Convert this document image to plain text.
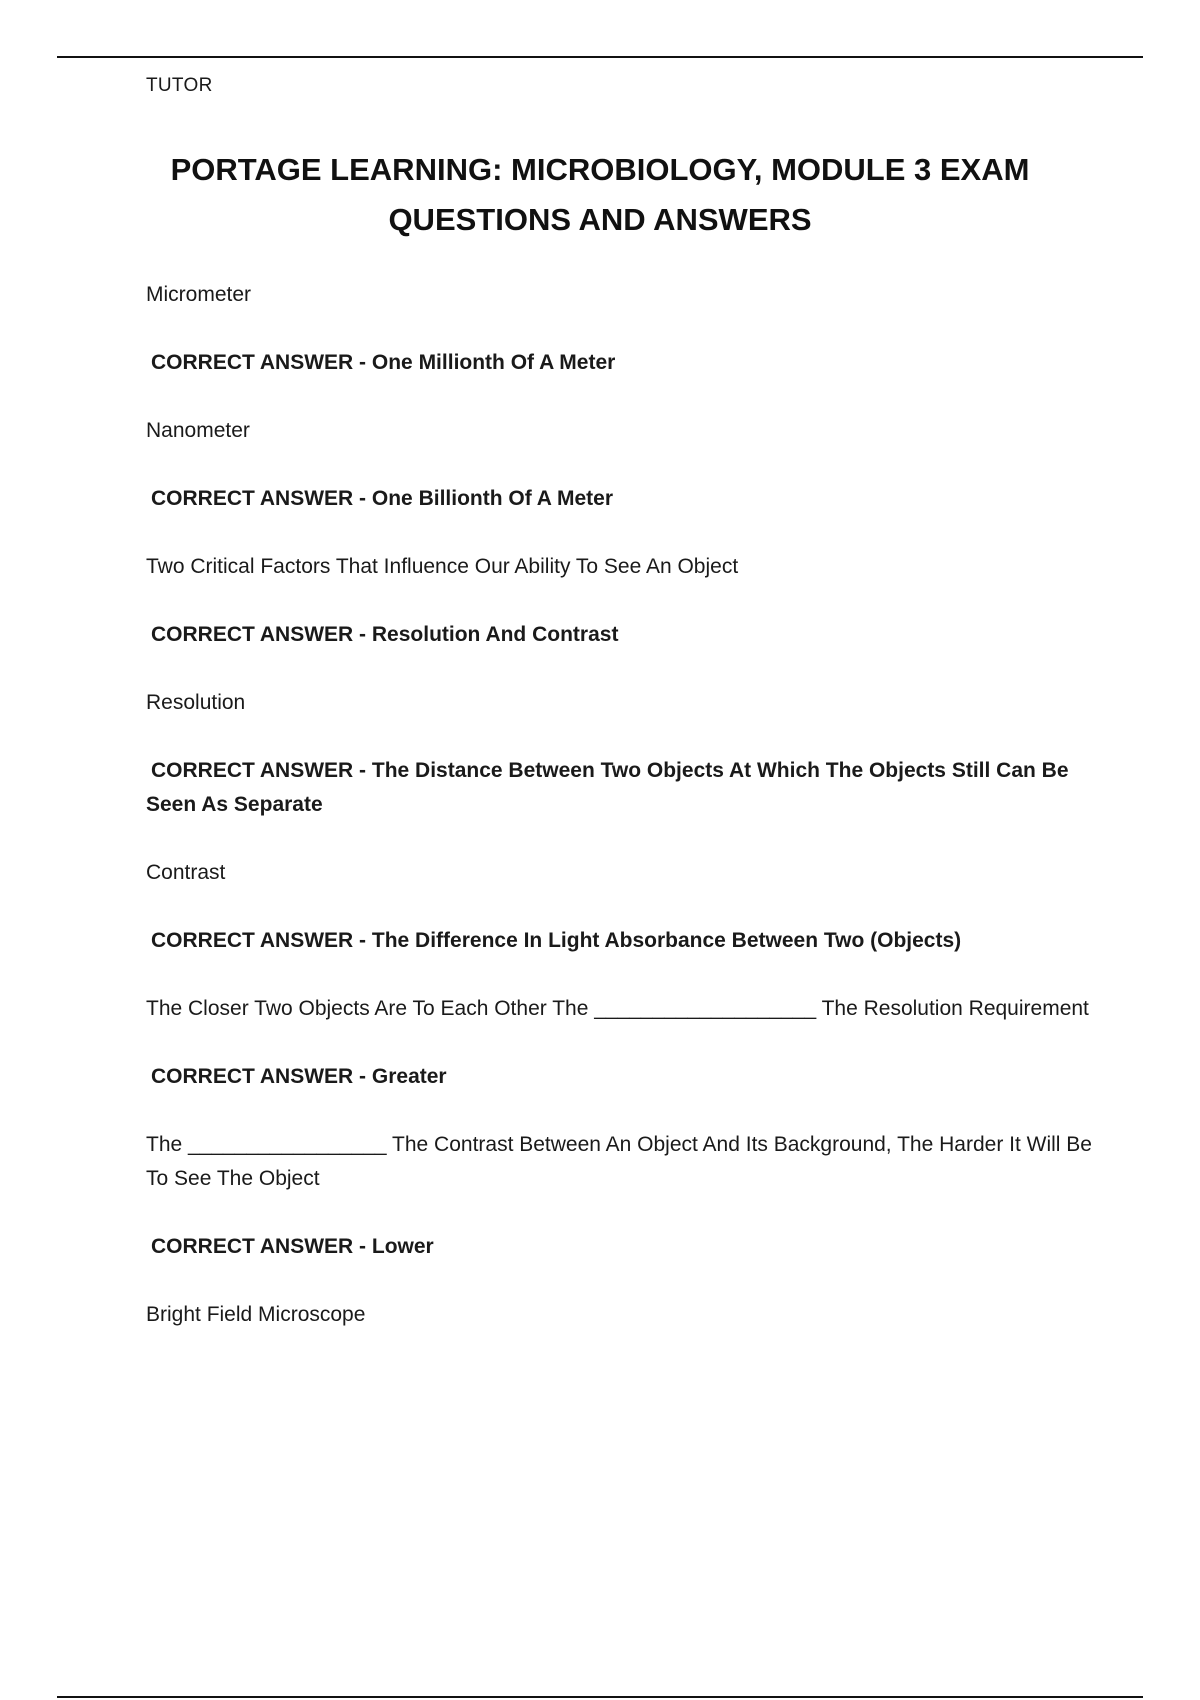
TUTOR
PORTAGE LEARNING: MICROBIOLOGY, MODULE 3 EXAM
QUESTIONS AND ANSWERS
Micrometer
CORRECT ANSWER - One Millionth Of A Meter
Nanometer
CORRECT ANSWER - One Billionth Of A Meter
Two Critical Factors That Influence Our Ability To See An Object
CORRECT ANSWER - Resolution And Contrast
Resolution
CORRECT ANSWER - The Distance Between Two Objects At Which The Objects Still Can Be Seen As Separate
Contrast
CORRECT ANSWER - The Difference In Light Absorbance Between Two (Objects)
The Closer Two Objects Are To Each Other The ___________________ The Resolution Requirement
CORRECT ANSWER - Greater
The _________________ The Contrast Between An Object And Its Background, The Harder It Will Be To See The Object
CORRECT ANSWER - Lower
Bright Field Microscope
